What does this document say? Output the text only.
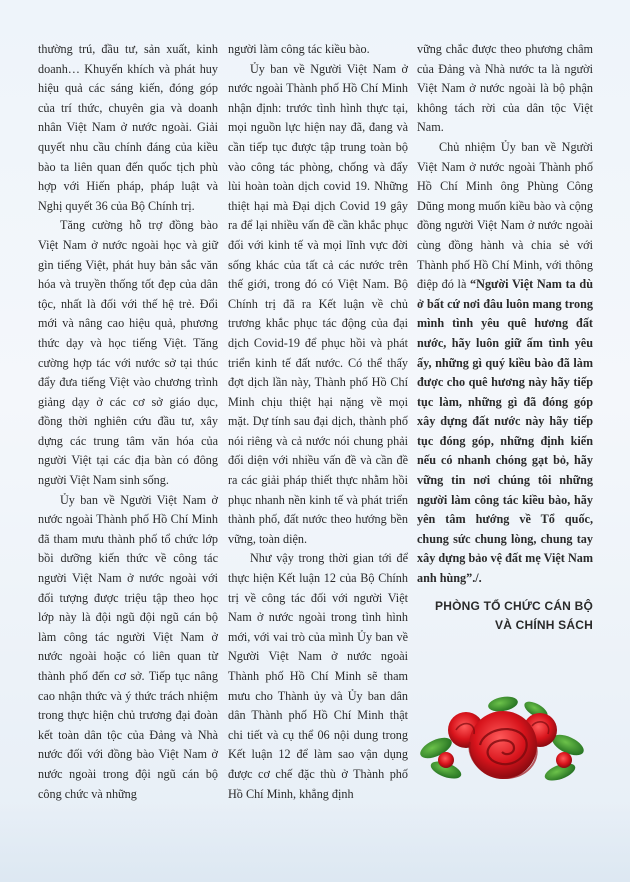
thường trú, đầu tư, sản xuất, kinh doanh… Khuyến khích và phát huy hiệu quả các sáng kiến, đóng góp của trí thức, chuyên gia và doanh nhân Việt Nam ở nước ngoài. Giải quyết nhu cầu chính đáng của kiều bào ta liên quan đến quốc tịch phù hợp với Hiến pháp, pháp luật và Nghị quyết 36 của Bộ Chính trị.

Tăng cường hỗ trợ đồng bào Việt Nam ở nước ngoài học và giữ gìn tiếng Việt, phát huy bản sắc văn hóa và truyền thống tốt đẹp của dân tộc, nhất là đối với thế hệ trẻ. Đổi mới và nâng cao hiệu quả, phương thức dạy và học tiếng Việt. Tăng cường hợp tác với nước sở tại thúc đẩy đưa tiếng Việt vào chương trình giảng dạy ở các cơ sở giáo dục, đồng thời nghiên cứu đầu tư, xây dựng các trung tâm văn hóa của người Việt tại các địa bàn có đông người Việt Nam sinh sống.

Ủy ban về Người Việt Nam ở nước ngoài Thành phố Hồ Chí Minh đã tham mưu thành phố tổ chức lớp bồi dưỡng kiến thức về công tác người Việt Nam ở nước ngoài với đối tượng được triệu tập theo học lớp này là đội ngũ đội ngũ cán bộ làm công tác người Việt Nam ở nước ngoài hoặc có liên quan từ thành phố đến cơ sở. Tiếp tục nâng cao nhận thức và ý thức trách nhiệm trong thực hiện chủ trương đại đoàn kết toàn dân tộc của Đảng và Nhà nước đối với đồng bào Việt Nam ở nước ngoài trong đội ngũ cán bộ công chức và những

người làm công tác kiều bào.

Ủy ban về Người Việt Nam ở nước ngoài Thành phố Hồ Chí Minh nhận định: trước tình hình thực tại, mọi nguồn lực hiện nay đã, đang và cần tiếp tục được tập trung toàn bộ vào công tác phòng, chống và đẩy lùi hoàn toàn dịch covid 19. Những thiệt hại mà Đại dịch Covid 19 gây ra để lại nhiều vấn đề cần khắc phục đối với kinh tế và mọi lĩnh vực đời sống khác của tất cả các nước trên thế giới, trong đó có Việt Nam. Bộ Chính trị đã ra Kết luận về chủ trương khắc phục tác động của đại dịch Covid-19 để phục hồi và phát triển kinh tế đất nước. Có thể thấy đợt dịch lần này, Thành phố Hồ Chí Minh chịu thiệt hại nặng về mọi mặt. Dự tính sau đại dịch, thành phố nói riêng và cả nước nói chung phải đối diện với nhiều vấn đề và cần đề ra các giải pháp thiết thực nhằm hồi phục nhanh nền kinh tế và phát triển thành phố, đất nước theo hướng bền vững, toàn diện.

Như vậy trong thời gian tới để thực hiện Kết luận 12 của Bộ Chính trị về công tác đối với người Việt Nam ở nước ngoài trong tình hình mới, với vai trò của mình Ủy ban về Người Việt Nam ở nước ngoài Thành phố Hồ Chí Minh sẽ tham mưu cho Thành ủy và Ủy ban dân dân Thành phố Hồ Chí Minh thật chi tiết và cụ thể 06 nội dung trong Kết luận 12 để làm sao vận dụng được cơ chế đặc thù ở Thành phố Hồ Chí Minh, khẳng định

vững chắc được theo phương châm của Đảng và Nhà nước ta là người Việt Nam ở nước ngoài là bộ phận không tách rời của dân tộc Việt Nam.

Chủ nhiệm Ủy ban về Người Việt Nam ở nước ngoài Thành phố Hồ Chí Minh ông Phùng Công Dũng mong muốn kiều bào và cộng đồng người Việt Nam ở nước ngoài cùng đồng hành và chia sẻ với Thành phố Hồ Chí Minh, với thông điệp đó là “Người Việt Nam ta dù ở bất cứ nơi đâu luôn mang trong mình tình yêu quê hương đất nước, hãy luôn giữ ấm tình yêu ấy, những gì quý kiều bào đã làm được cho quê hương này hãy tiếp tục làm, những gì đã đóng góp xây dựng đất nước này hãy tiếp tục đóng góp, những định kiến nếu có nhanh chóng gạt bỏ, hãy vững tin nơi chúng tôi những người làm công tác kiều bào, hãy yên tâm hướng về Tổ quốc, chung sức chung lòng, chung tay xây dựng bảo vệ đất mẹ Việt Nam anh hùng”./.

PHÒNG TỔ CHỨC CÁN BỘ
VÀ CHÍNH SÁCH
